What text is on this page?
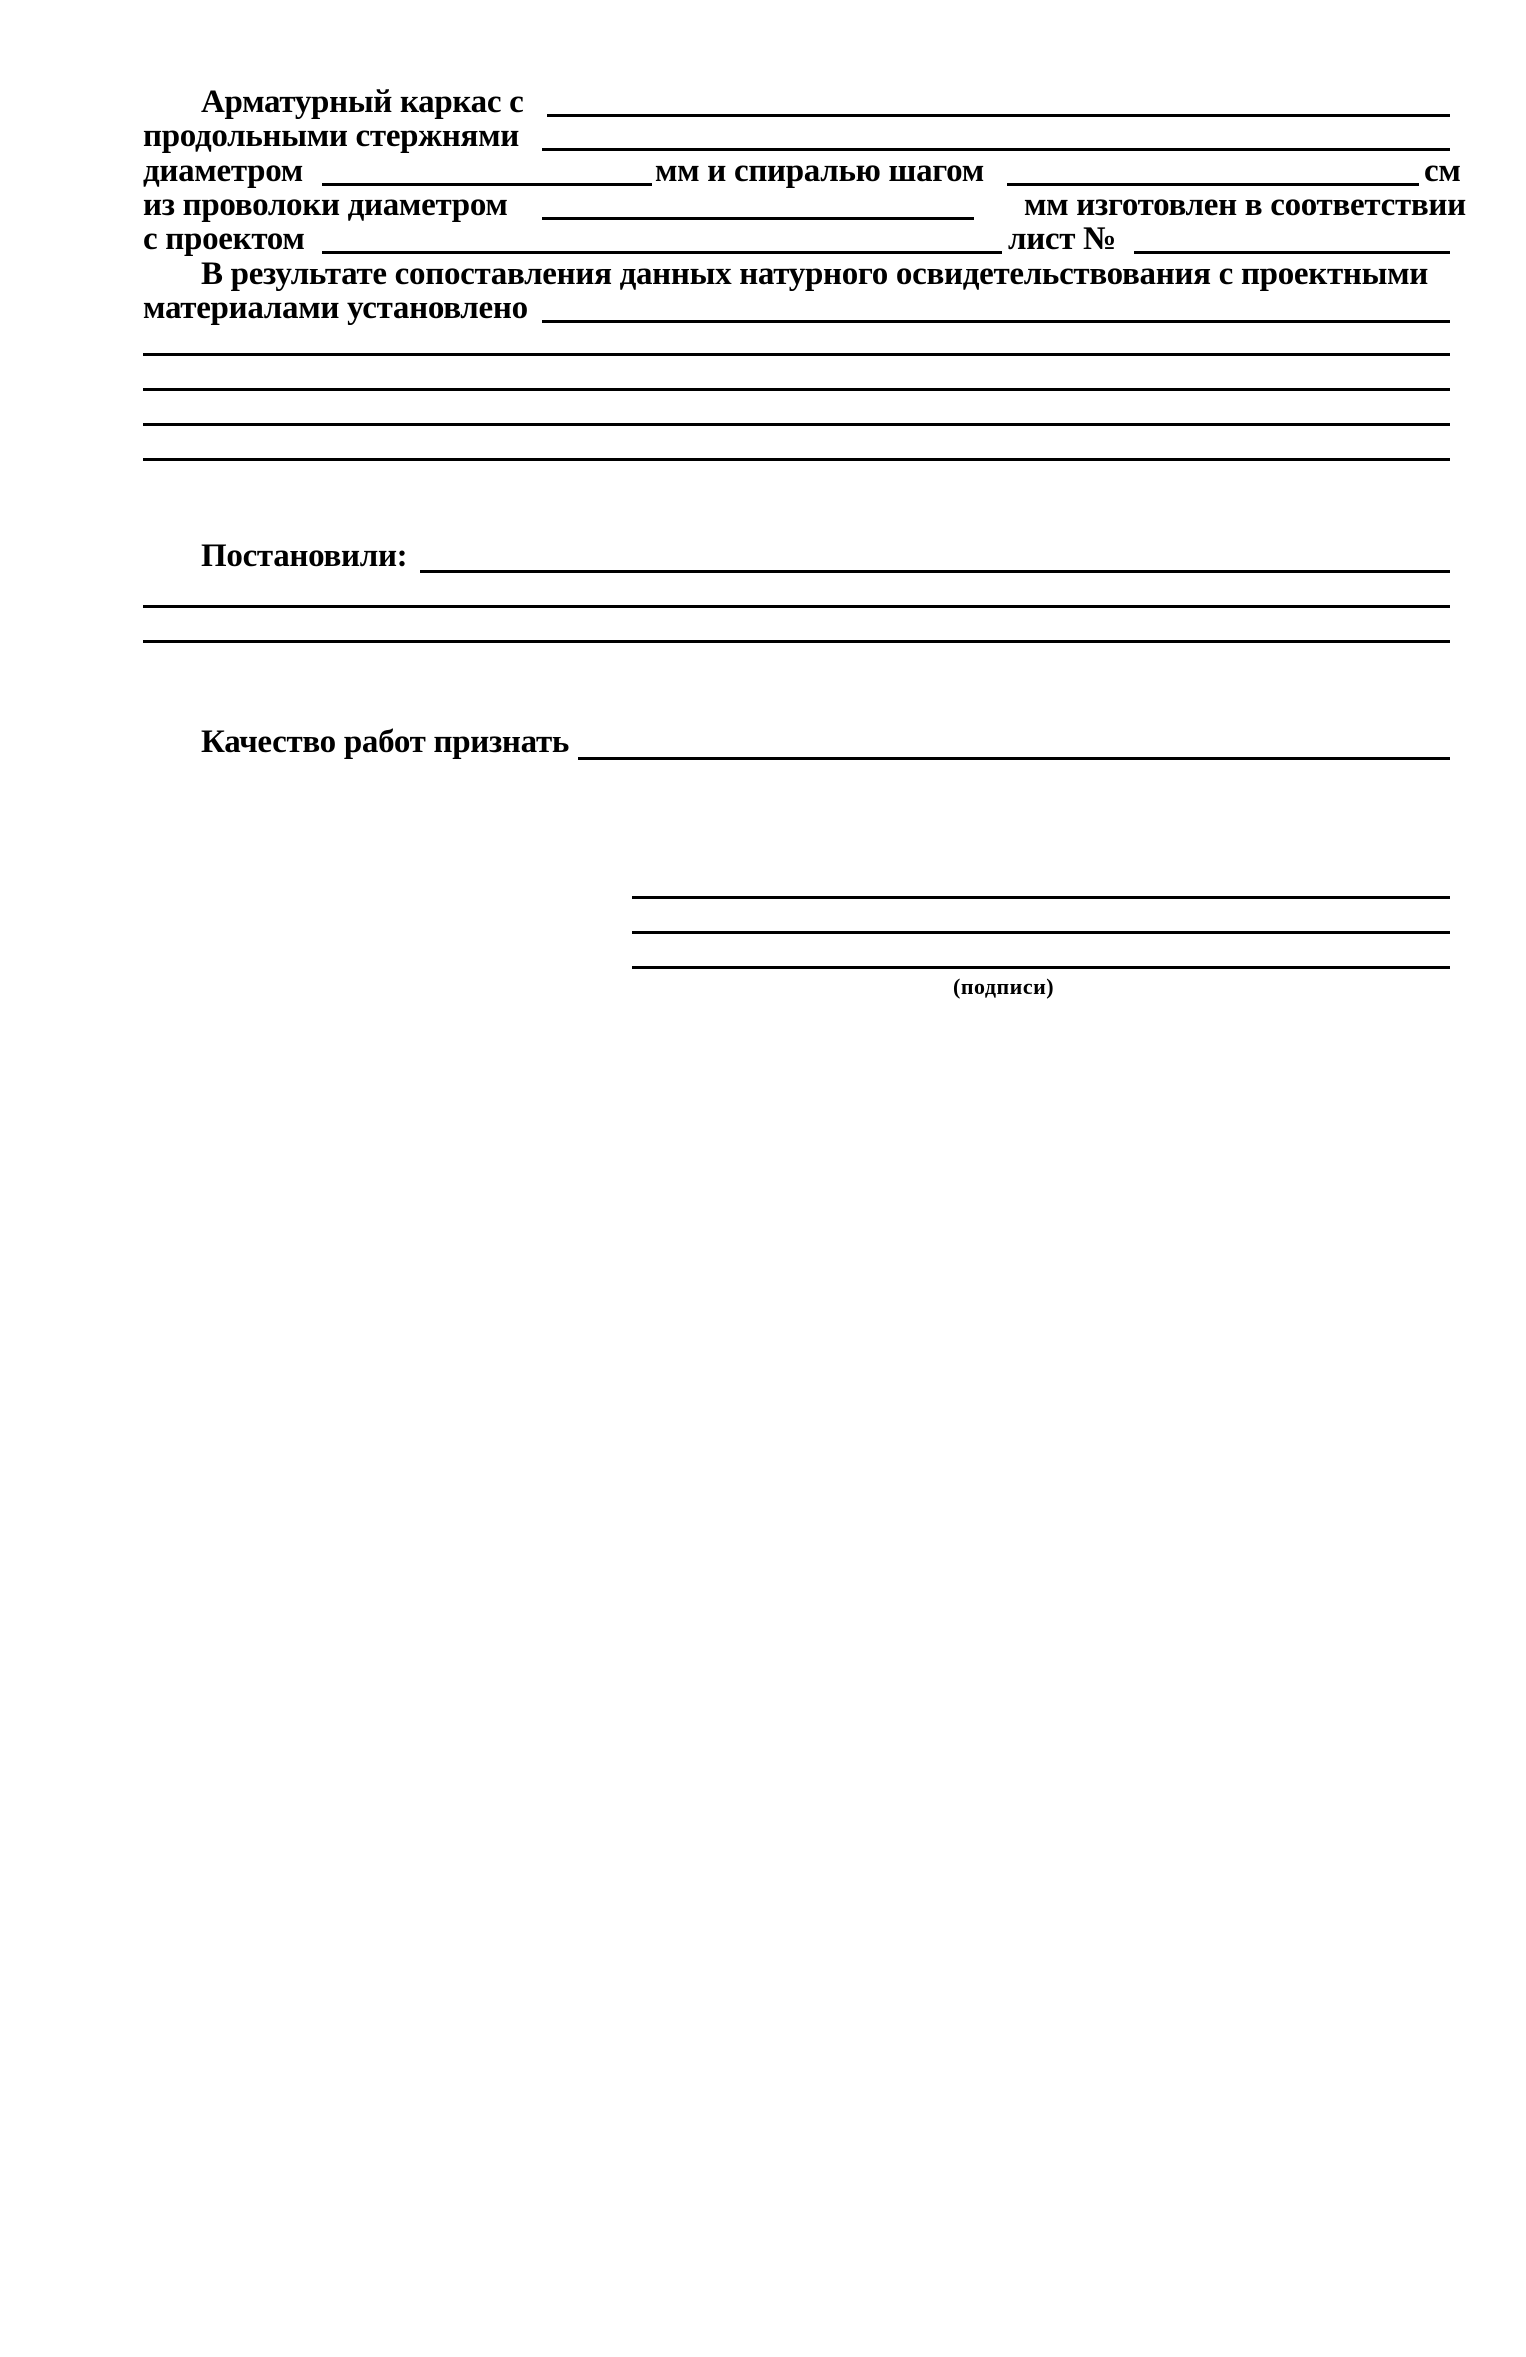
Арматурный каркас с
продольными стержнями
диаметром	мм и спиралью шагом	см
из проволоки диаметром	мм изготовлен в соответствии
с проектом	лист №
В результате сопоставления данных натурного освидетельствования с проектными
материалами установлено
Постановили:
Качество работ признать
(подписи)
